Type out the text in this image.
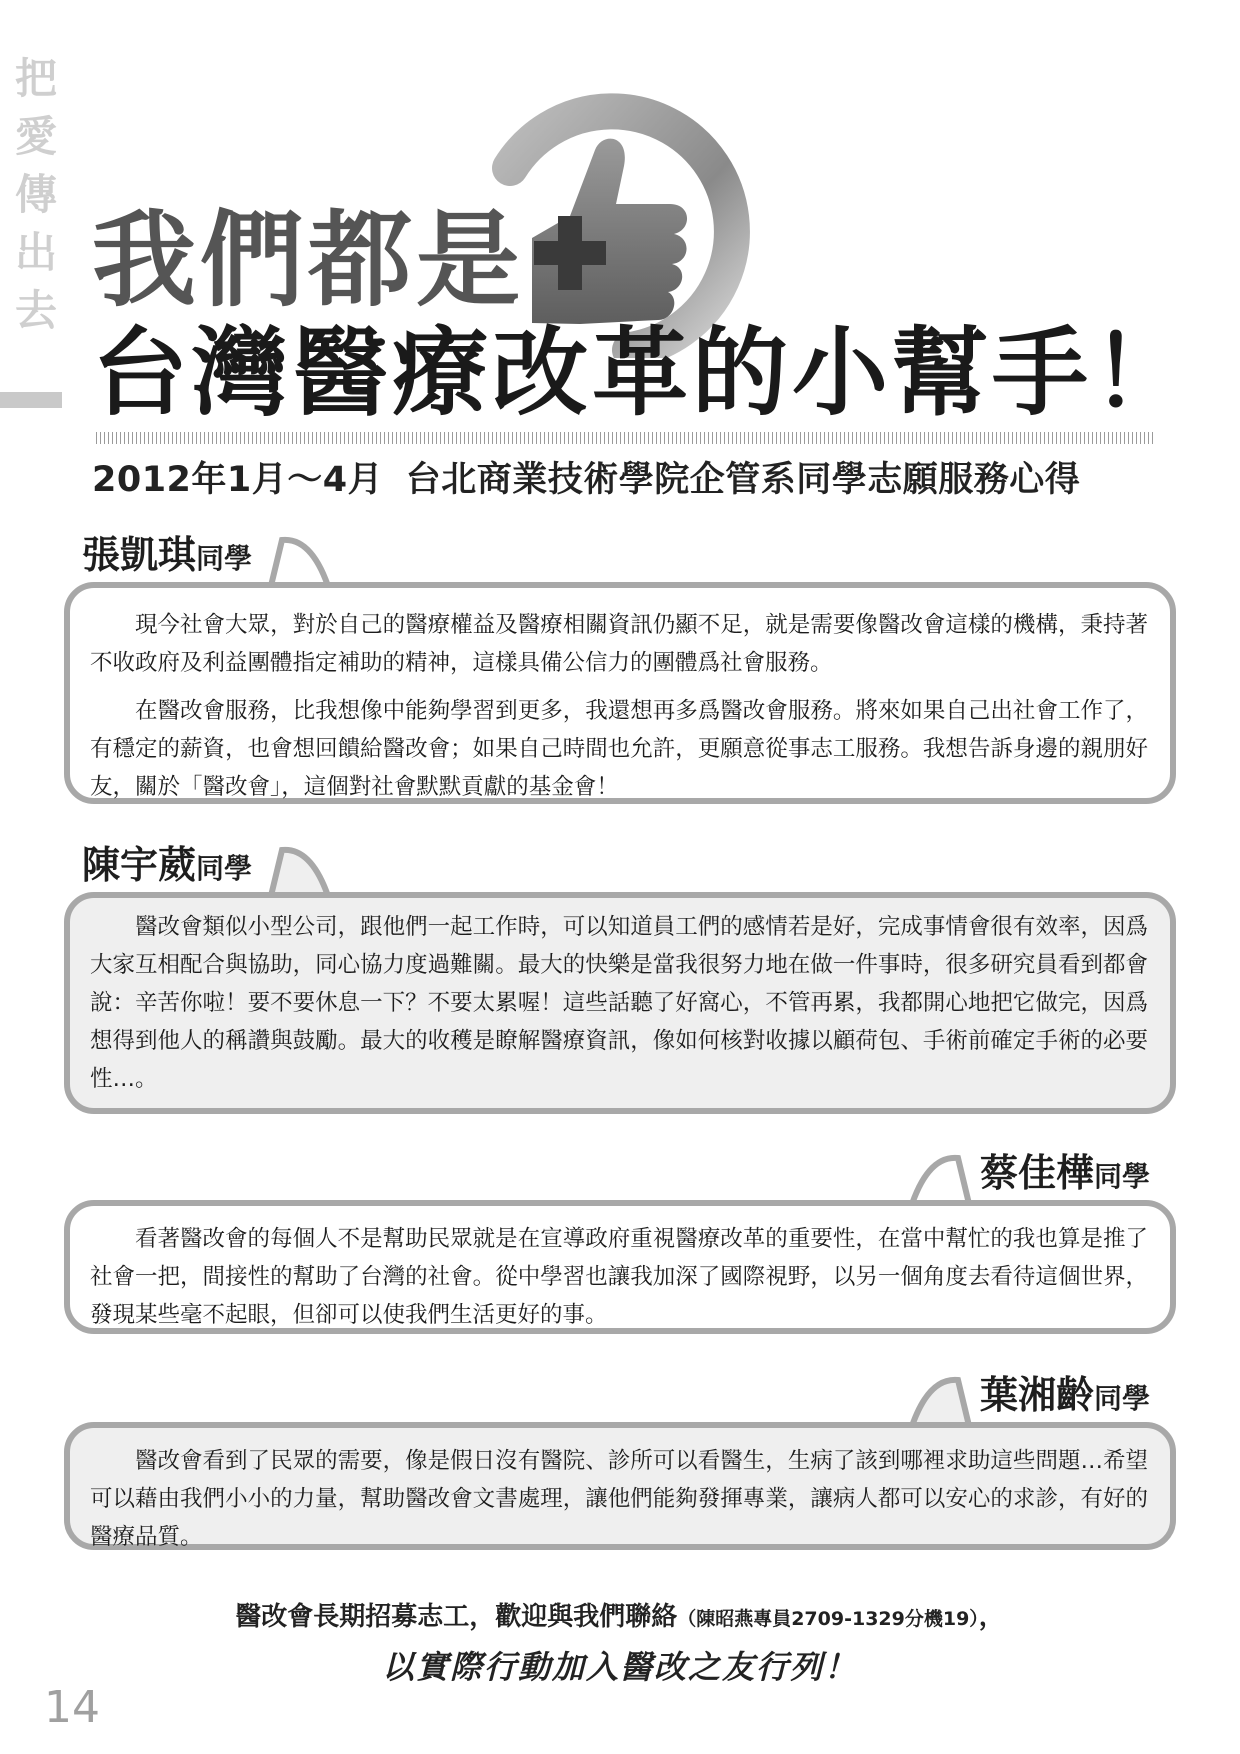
把
愛
傳
出
去 我們都是
台灣醫療改革的小幫手！
2012年1月～4月 台北商業技術學院企管系同學志願服務心得
張凱琪同學

現今社會大眾，對於自己的醫療權益及醫療相關資訊仍顯不足，就是需要像醫改會這樣的機構，秉持著不收政府及利益團體指定補助的精神，這樣具備公信力的團體爲社會服務。

在醫改會服務，比我想像中能夠學習到更多，我還想再多爲醫改會服務。將來如果自己出社會工作了，有穩定的薪資，也會想回饋給醫改會；如果自己時間也允許，更願意從事志工服務。我想告訴身邊的親朋好友，關於「醫改會」，這個對社會默默貢獻的基金會！

陳宇葳同學

醫改會類似小型公司，跟他們一起工作時，可以知道員工們的感情若是好，完成事情會很有效率，因爲大家互相配合與協助，同心協力度過難關。最大的快樂是當我很努力地在做一件事時，很多研究員看到都會說：辛苦你啦！要不要休息一下？不要太累喔！這些話聽了好窩心，不管再累，我都開心地把它做完，因爲想得到他人的稱讚與鼓勵。最大的收穫是瞭解醫療資訊，像如何核對收據以顧荷包、手術前確定手術的必要性…。

蔡佳樺同學

看著醫改會的每個人不是幫助民眾就是在宣導政府重視醫療改革的重要性，在當中幫忙的我也算是推了社會一把，間接性的幫助了台灣的社會。從中學習也讓我加深了國際視野，以另一個角度去看待這個世界，發現某些毫不起眼，但卻可以使我們生活更好的事。

葉湘齡同學

醫改會看到了民眾的需要，像是假日沒有醫院、診所可以看醫生，生病了該到哪裡求助這些問題…希望可以藉由我們小小的力量，幫助醫改會文書處理，讓他們能夠發揮專業，讓病人都可以安心的求診，有好的醫療品質。

醫改會長期招募志工，歡迎與我們聯絡（陳昭燕專員2709-1329分機19），

以實際行動加入醫改之友行列！

14
